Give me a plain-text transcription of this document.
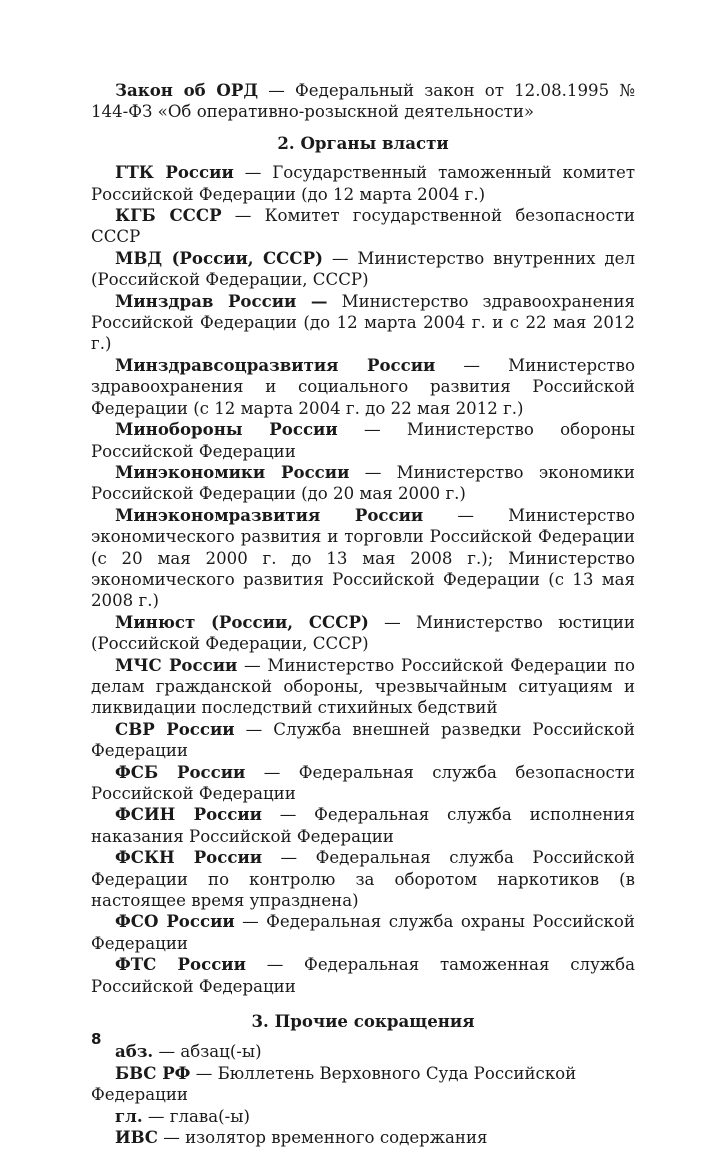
Закон об ОРД — Федеральный закон от 12.08.1995 № 144-ФЗ «Об оперативно-розыскной деятельности»

2. Органы власти

ГТК России — Государственный таможенный комитет Российской Федерации (до 12 марта 2004 г.)

КГБ СССР — Комитет государственной безопасности СССР

МВД (России, СССР) — Министерство внутренних дел (Российской Федерации, СССР)

Минздрав России — Министерство здравоохранения Российской Федерации (до 12 марта 2004 г. и с 22 мая 2012 г.)

Минздравсоцразвития России — Министерство здравоохранения и социального развития Российской Федерации (с 12 марта 2004 г. до 22 мая 2012 г.)

Минобороны России — Министерство обороны Российской Федерации

Минэкономики России — Министерство экономики Российской Федерации (до 20 мая 2000 г.)

Минэкономразвития России — Министерство экономического развития и торговли Российской Федерации (с 20 мая 2000 г. до 13 мая 2008 г.); Министерство экономического развития Российской Федерации (с 13 мая 2008 г.)

Минюст (России, СССР) — Министерство юстиции (Российской Федерации, СССР)

МЧС России — Министерство Российской Федерации по делам гражданской обороны, чрезвычайным ситуациям и ликвидации последствий стихийных бедствий

СВР России — Служба внешней разведки Российской Федерации

ФСБ России — Федеральная служба безопасности Российской Федерации

ФСИН России — Федеральная служба исполнения наказания Российской Федерации

ФСКН России — Федеральная служба Российской Федерации по контролю за оборотом наркотиков (в настоящее время упразднена)

ФСО России — Федеральная служба охраны Российской Федерации

ФТС России — Федеральная таможенная служба Российской Федерации

3. Прочие сокращения

абз. — абзац(-ы)

БВС РФ — Бюллетень Верховного Суда Российской Федерации

гл. — глава(-ы)

ИВС — изолятор временного содержания

8
